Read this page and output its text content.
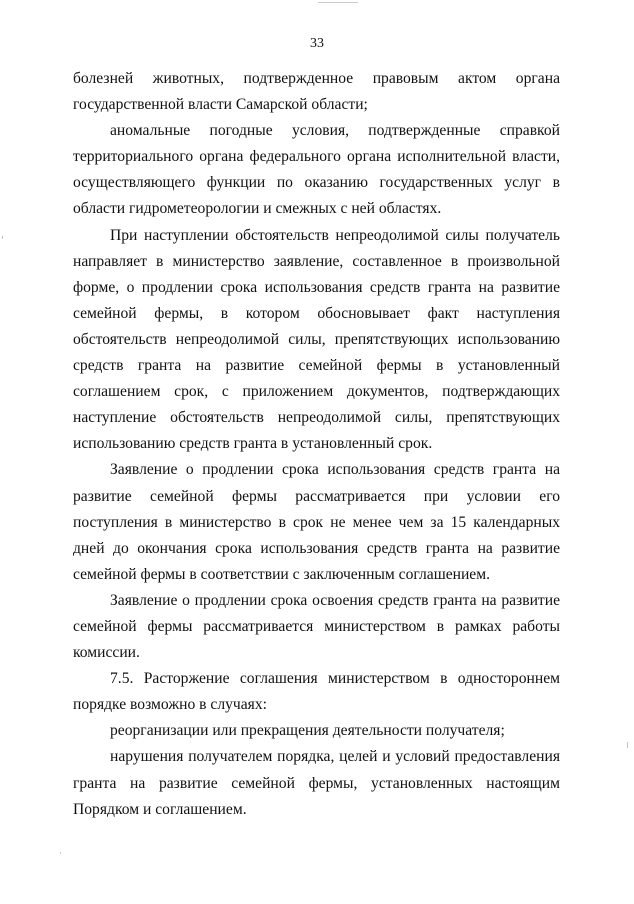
33

болезней животных, подтвержденное правовым актом органа государственной власти Самарской области;

аномальные погодные условия, подтвержденные справкой территориального органа федерального органа исполнительной власти, осуществляющего функции по оказанию государственных услуг в области гидрометеорологии и смежных с ней областях.

При наступлении обстоятельств непреодолимой силы получатель направляет в министерство заявление, составленное в произвольной форме, о продлении срока использования средств гранта на развитие семейной фермы, в котором обосновывает факт наступления обстоятельств непреодолимой силы, препятствующих использованию средств гранта на развитие семейной фермы в установленный соглашением срок, с приложением документов, подтверждающих наступление обстоятельств непреодолимой силы, препятствующих использованию средств гранта в установленный срок.

Заявление о продлении срока использования средств гранта на развитие семейной фермы рассматривается при условии его поступления в министерство в срок не менее чем за 15 календарных дней до окончания срока использования средств гранта на развитие семейной фермы в соответствии с заключенным соглашением.

Заявление о продлении срока освоения средств гранта на развитие семейной фермы рассматривается министерством в рамках работы комиссии.

7.5. Расторжение соглашения министерством в одностороннем порядке возможно в случаях:

реорганизации или прекращения деятельности получателя;

нарушения получателем порядка, целей и условий предоставления гранта на развитие семейной фермы, установленных настоящим Порядком и соглашением.
